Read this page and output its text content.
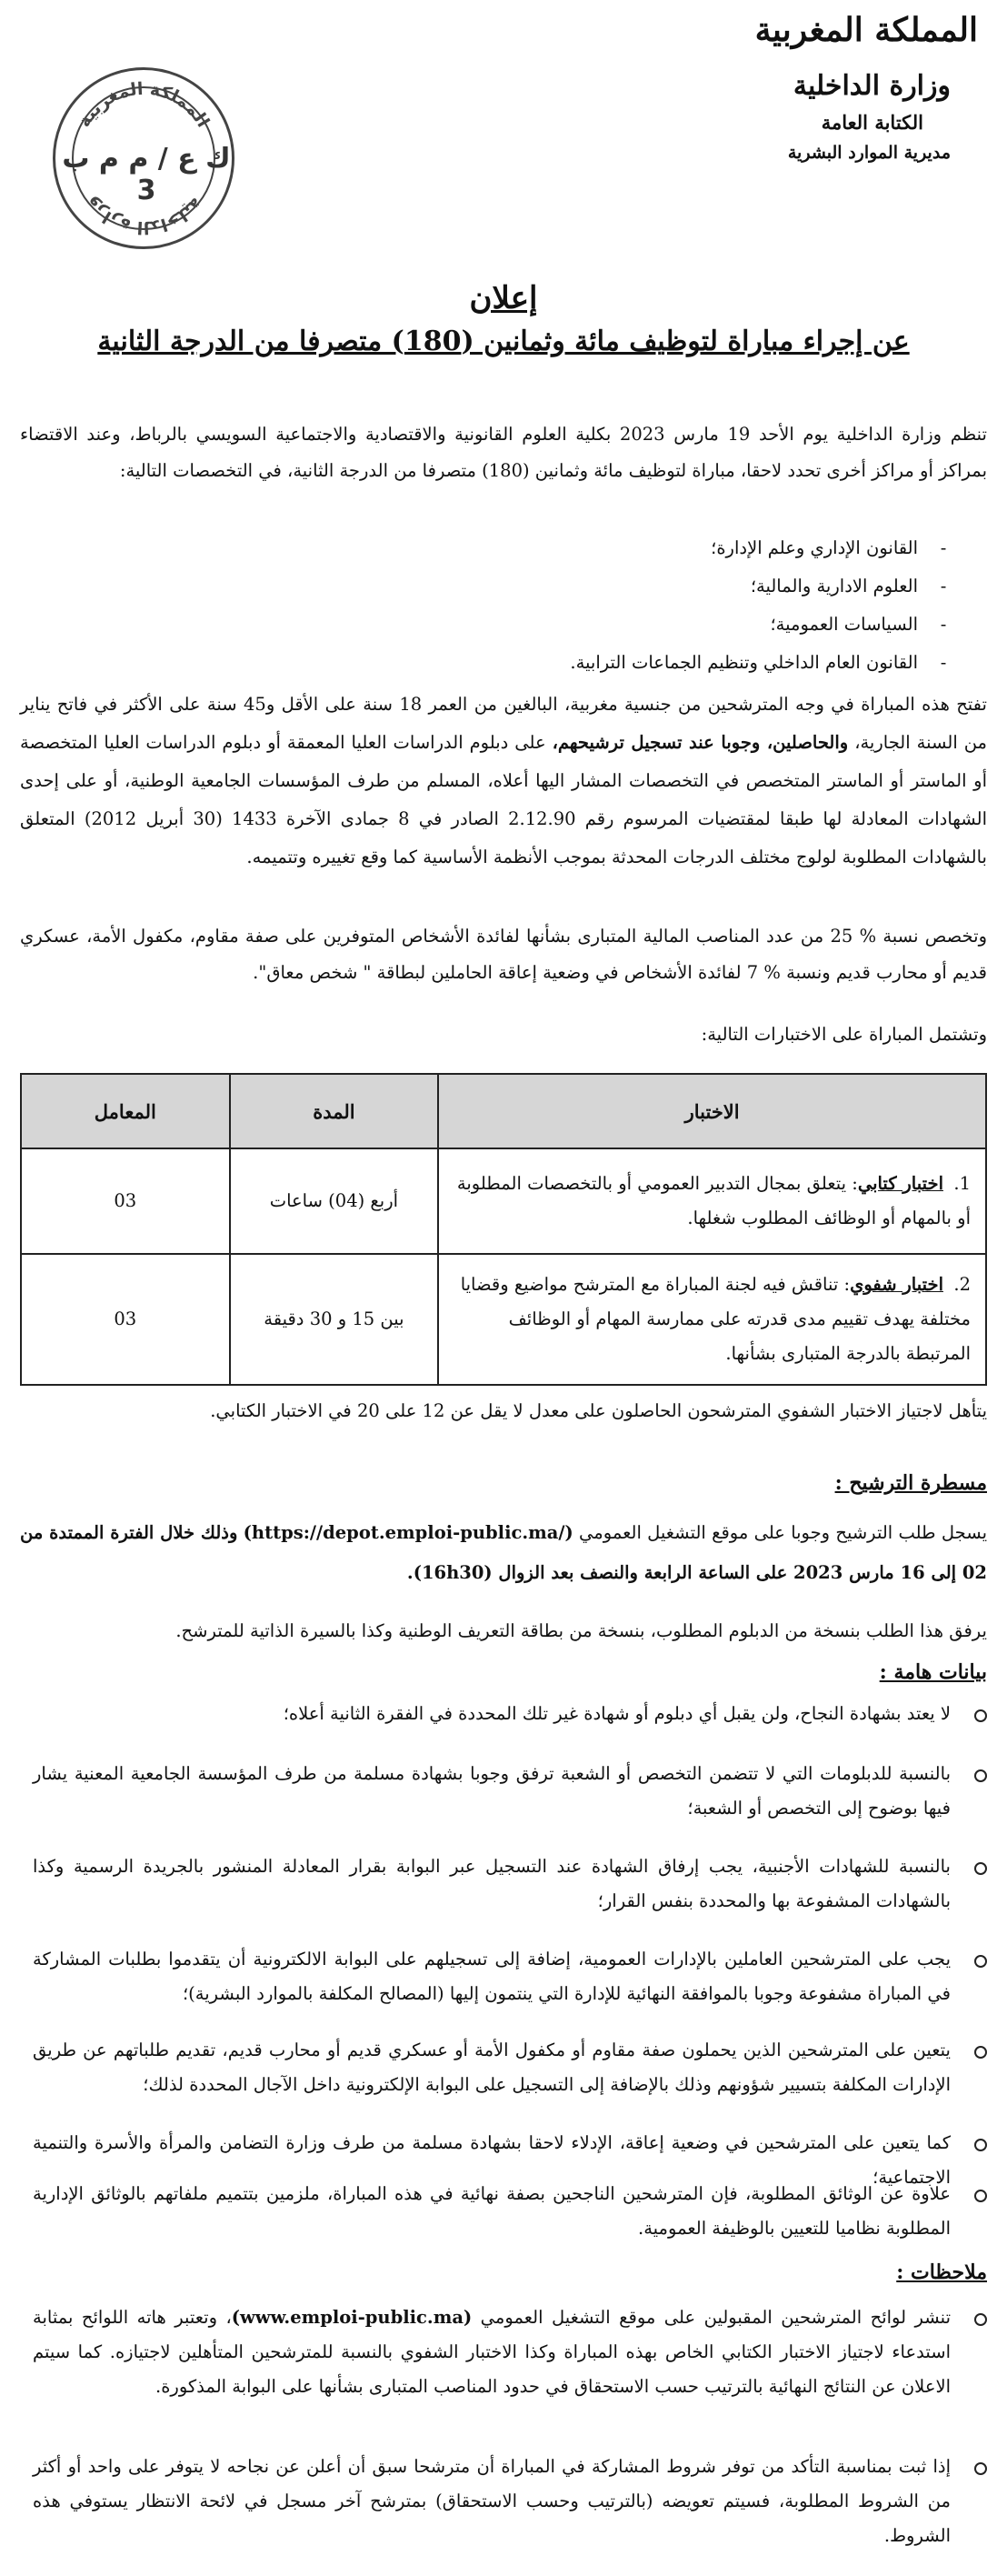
المملكة المغربية
وزارة الداخلية
الكتابة العامة
مديرية الموارد البشرية
المملكة المغربية
وزارة الداخلية
ك ع / م م ب 3
إعلان
عن إجراء مباراة لتوظيف مائة وثمانين (180) متصرفا من الدرجة الثانية
تنظم وزارة الداخلية يوم الأحد 19 مارس 2023 بكلية العلوم القانونية والاقتصادية والاجتماعية السويسي بالرباط، وعند الاقتضاء بمراكز أو مراكز أخرى تحدد لاحقا، مباراة لتوظيف مائة وثمانين (180) متصرفا من الدرجة الثانية، في التخصصات التالية:
- القانون الإداري وعلم الإدارة؛
- العلوم الادارية والمالية؛
- السياسات العمومية؛
- القانون العام الداخلي وتنظيم الجماعات الترابية.
تفتح هذه المباراة في وجه المترشحين من جنسية مغربية، البالغين من العمر 18 سنة على الأقل و45 سنة على الأكثر في فاتح يناير من السنة الجارية، والحاصلين، وجوبا عند تسجيل ترشيحهم، على دبلوم الدراسات العليا المعمقة أو دبلوم الدراسات العليا المتخصصة أو الماستر أو الماستر المتخصص في التخصصات المشار اليها أعلاه، المسلم من طرف المؤسسات الجامعية الوطنية، أو على إحدى الشهادات المعادلة لها طبقا لمقتضيات المرسوم رقم 2.12.90 الصادر في 8 جمادى الآخرة 1433 (30 أبريل 2012) المتعلق بالشهادات المطلوبة لولوج مختلف الدرجات المحدثة بموجب الأنظمة الأساسية كما وقع تغييره وتتميمه.
وتخصص نسبة % 25 من عدد المناصب المالية المتبارى بشأنها لفائدة الأشخاص المتوفرين على صفة مقاوم، مكفول الأمة، عسكري قديم أو محارب قديم ونسبة % 7 لفائدة الأشخاص في وضعية إعاقة الحاملين لبطاقة " شخص معاق".
وتشتمل المباراة على الاختبارات التالية:
الاختبار	المدة	المعامل
1.اختبار كتابي: يتعلق بمجال التدبير العمومي أو بالتخصصات المطلوبة أو بالمهام أو الوظائف المطلوب شغلها.	أربع (04) ساعات	03
2.اختبار شفوي: تناقش فيه لجنة المباراة مع المترشح مواضيع وقضايا مختلفة يهدف تقييم مدى قدرته على ممارسة المهام أو الوظائف المرتبطة بالدرجة المتبارى بشأنها.	بين 15 و 30 دقيقة	03
يتأهل لاجتياز الاختبار الشفوي المترشحون الحاصلون على معدل لا يقل عن 12 على 20 في الاختبار الكتابي.
مسطرة الترشيح :
يسجل طلب الترشيح وجوبا على موقع التشغيل العمومي (https://depot.emploi-public.ma/) وذلك خلال الفترة الممتدة من 02 إلى 16 مارس 2023 على الساعة الرابعة والنصف بعد الزوال (16h30).
يرفق هذا الطلب بنسخة من الدبلوم المطلوب، بنسخة من بطاقة التعريف الوطنية وكذا بالسيرة الذاتية للمترشح.
بيانات هامة :
لا يعتد بشهادة النجاح، ولن يقبل أي دبلوم أو شهادة غير تلك المحددة في الفقرة الثانية أعلاه؛
بالنسبة للدبلومات التي لا تتضمن التخصص أو الشعبة ترفق وجوبا بشهادة مسلمة من طرف المؤسسة الجامعية المعنية يشار فيها بوضوح إلى التخصص أو الشعبة؛
بالنسبة للشهادات الأجنبية، يجب إرفاق الشهادة عند التسجيل عبر البوابة بقرار المعادلة المنشور بالجريدة الرسمية وكذا بالشهادات المشفوعة بها والمحددة بنفس القرار؛
يجب على المترشحين العاملين بالإدارات العمومية، إضافة إلى تسجيلهم على البوابة الالكترونية أن يتقدموا بطلبات المشاركة في المباراة مشفوعة وجوبا بالموافقة النهائية للإدارة التي ينتمون إليها (المصالح المكلفة بالموارد البشرية)؛
يتعين على المترشحين الذين يحملون صفة مقاوم أو مكفول الأمة أو عسكري قديم أو محارب قديم، تقديم طلباتهم عن طريق الإدارات المكلفة بتسيير شؤونهم وذلك بالإضافة إلى التسجيل على البوابة الإلكترونية داخل الآجال المحددة لذلك؛
كما يتعين على المترشحين في وضعية إعاقة، الإدلاء لاحقا بشهادة مسلمة من طرف وزارة التضامن والمرأة والأسرة والتنمية الاجتماعية؛
علاوة عن الوثائق المطلوبة، فإن المترشحين الناجحين بصفة نهائية في هذه المباراة، ملزمين بتتميم ملفاتهم بالوثائق الإدارية المطلوبة نظاميا للتعيين بالوظيفة العمومية.
ملاحظات :
تنشر لوائح المترشحين المقبولين على موقع التشغيل العمومي (www.emploi-public.ma)، وتعتبر هاته اللوائح بمثابة استدعاء لاجتياز الاختبار الكتابي الخاص بهذه المباراة وكذا الاختبار الشفوي بالنسبة للمترشحين المتأهلين لاجتيازه. كما سيتم الاعلان عن النتائج النهائية بالترتيب حسب الاستحقاق في حدود المناصب المتبارى بشأنها على البوابة المذكورة.
إذا ثبت بمناسبة التأكد من توفر شروط المشاركة في المباراة أن مترشحا سبق أن أعلن عن نجاحه لا يتوفر على واحد أو أكثر من الشروط المطلوبة، فسيتم تعويضه (بالترتيب وحسب الاستحقاق) بمترشح آخر مسجل في لائحة الانتظار يستوفي هذه الشروط.
